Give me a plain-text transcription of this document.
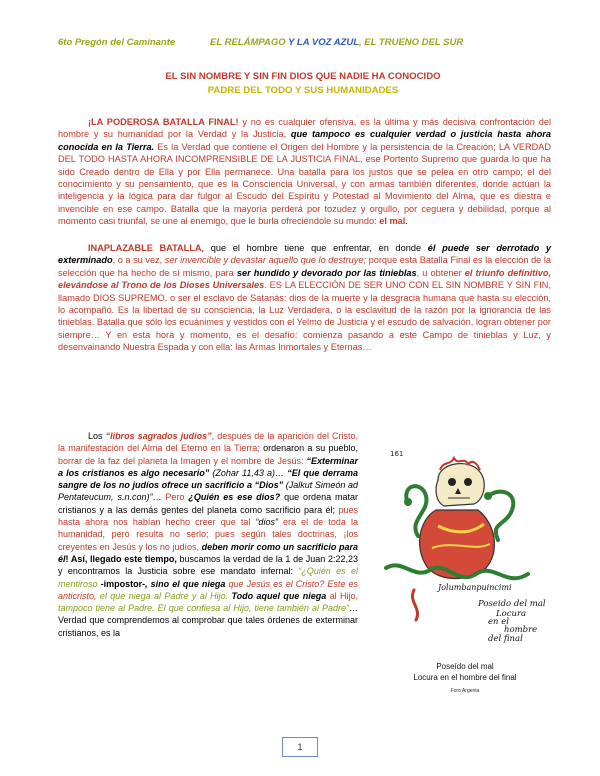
6to Pregón del Caminante	EL RELÁMPAGO Y LA VOZ AZUL, EL TRUENO DEL SUR
EL SIN NOMBRE Y SIN FIN DIOS QUE NADIE HA CONOCIDO
PADRE DEL TODO Y SUS HUMANIDADES
¡LA PODEROSA BATALLA FINAL! y no es cualquier ofensiva, es la última y más decisiva confrontación del hombre y su humanidad por la Verdad y la Justicia, que tampoco es cualquier verdad o justicia hasta ahora conocida en la Tierra. Es la Verdad que contiene el Origen del Hombre y la persistencia de la Creación; LA VERDAD DEL TODO HASTA AHORA INCOMPRENSIBLE DE LA JUSTICIA FINAL, ese Portento Supremo que guarda lo que ha sido Creado dentro de Ella y por Ella permanece. Una batalla para los justos que se pelea en otro campo; el del conocimiento y su pensamiento, que es la Consciencia Universal, y con armas también diferentes, donde actúan la inteligencia y la lógica para dar fulgor al Escudo del Espíritu y Potestad al Movimiento del Alma, que es diestra e invencible en ese campo. Batalla que la mayoría perderá por tozudez y orgullo, por ceguera y debilidad, porque al momento casi triunfal, se une al enemigo, que le burla ofreciéndole su mundo: el mal.
INAPLAZABLE BATALLA, que el hombre tiene que enfrentar, en donde él puede ser derrotado y exterminado, o a su vez, ser invencible y devastar aquello que lo destruye; porque esta Batalla Final es la elección de la selección que ha hecho de sí mismo, para ser hundido y devorado por las tinieblas, u obtener el triunfo definitivo, elevándose al Trono de los Dioses Universales. ES LA ELECCIÓN DE SER UNO CON EL SIN NOMBRE Y SIN FIN, llamado DIOS SUPREMO, o ser el esclavo de Satanás: dios de la muerte y la desgracia humana que hasta su elección, lo acompañó. Es la libertad de su consciencia, la Luz Verdadera, o la esclavitud de la razón por la ignorancia de las tinieblas. Batalla que sólo los ecuánimes y vestidos con el Yelmo de Justicia y el escudo de salvación, logran obtener por siempre… Y en esta hora y momento, es el desafío: comienza pasando a este Campo de tinieblas y Luz, y desenvainando Nuestra Espada y con ella: las Armas Inmortales y Eternas…
Los “libros sagrados judíos”, después de la aparición del Cristo, la manifestación del Alma del Eterno en la Tierra; ordenaron a su pueblo, borrar de la faz del planeta la Imagen y el nombre de Jesús: “Exterminar a los cristianos es algo necesario” (Zohar 11,43 a)… “El que derrama sangre de los no judíos ofrece un sacrificio a “Dios” (Jalkut Simeón ad Pentateucum, s.n.con)”… Pero ¿Quién es ese dios? que ordena matar cristianos y a las demás gentes del planeta como sacrificio para él; pues hasta ahora nos habían hecho creer que tal “dios” era el de toda la humanidad, pero resulta no serlo; pues según tales doctrinas, ¡los creyentes en Jesús y los no judíos, deben morir como un sacrificio para él! Así, llegado este tiempo, buscamos la verdad de la 1 de Juan 2:22,23 y encontramos la Justicia sobre ese mandato infernal: “¿Quién es el mentiroso -impostor-, sino el que niega que Jesús es el Cristo? Este es anticristo, el que niega al Padre y al Hijo. Todo aquel que niega al Hijo, tampoco tiene al Padre. El que confiesa al Hijo, tiene también al Padre”… Verdad que comprendemos al comprobar que tales órdenes de exterminar cristianos, es la
161
Jolumbanpuincimi
Poseido del mal
Locura
en el
hombre
del final
Poseído del mal
Locura en el hombre del final
Foro Argenta
1
